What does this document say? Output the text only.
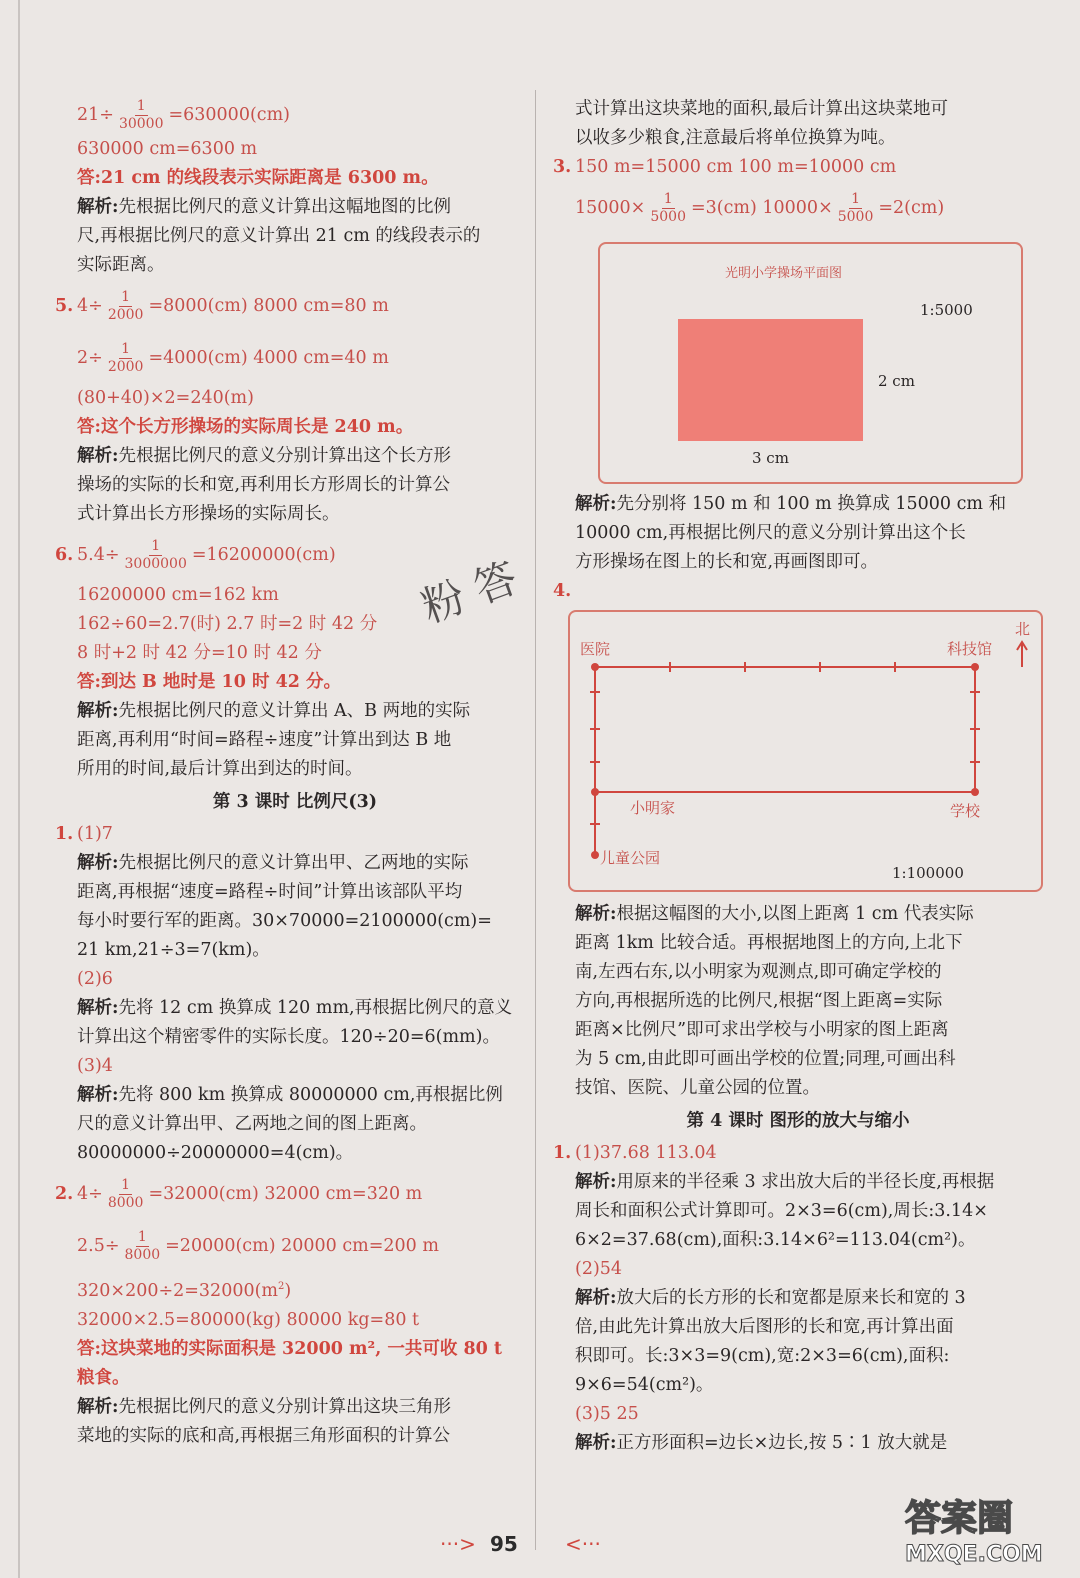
$21\div \frac{1}{30000} =630000(cm)$
630000 cm=6300 m
答:21 cm 的线段表示实际距离是 6300 m。
解析:先根据比例尺的意义计算出这幅地图的比例
尺,再根据比例尺的意义计算出 21 cm 的线段表示的
实际距离。
5. $4\div \frac{1}{2000} =8000(cm)$ 8000 cm=80 m
$2\div \frac{1}{2000} =4000(cm)$ 4000 cm=40 m
(80+40)×2=240(m)
答:这个长方形操场的实际周长是 240 m。
解析:先根据比例尺的意义分别计算出这个长方形
操场的实际的长和宽,再利用长方形周长的计算公
式计算出长方形操场的实际周长。
6. $5.4\div \frac{1}{3000000} =16200000(cm)$
16200000 cm=162 km
162÷60=2.7(时) 2.7 时=2 时 42 分
8 时+2 时 42 分=10 时 42 分
答:到达 B 地时是 10 时 42 分。
解析:先根据比例尺的意义计算出 A、B 两地的实际
距离,再利用“时间=路程÷速度”计算出到达 B 地
所用的时间,最后计算出到达的时间。
第 3 课时 比例尺(3)
1. (1)7
解析:先根据比例尺的意义计算出甲、乙两地的实际
距离,再根据“速度=路程÷时间”计算出该部队平均
每小时要行军的距离。30×70000=2100000(cm)=
21 km,21÷3=7(km)。
(2)6
解析:先将 12 cm 换算成 120 mm,再根据比例尺的意义
计算出这个精密零件的实际长度。120÷20=6(mm)。
(3)4
解析:先将 800 km 换算成 80000000 cm,再根据比例
尺的意义计算出甲、乙两地之间的图上距离。
80000000÷20000000=4(cm)。
2. $4\div \frac{1}{8000} =32000(cm)$ 32000 cm=320 m
$2.5\div \frac{1}{8000} =20000(cm)$ 20000 cm=200 m
$320\times 200\div 2=32000(m^2)$
32000×2.5=80000(kg) 80000 kg=80 t
答:这块菜地的实际面积是 32000 m², 一共可收 80 t
粮食。
解析:先根据比例尺的意义分别计算出这块三角形
菜地的实际的底和高,再根据三角形面积的计算公
式计算出这块菜地的面积,最后计算出这块菜地可
以收多少粮食,注意最后将单位换算为吨。
3. 150 m=15000 cm 100 m=10000 cm
$15000\times \frac{1}{5000} =3(cm)$ $10000\times \frac{1}{5000} =2(cm)$
光明小学操场平面图
1:5000
2 cm
3 cm
解析:先分别将 150 m 和 100 m 换算成 15000 cm 和
10000 cm,再根据比例尺的意义分别计算出这个长
方形操场在图上的长和宽,再画图即可。
4.
北
医院	科技馆
小明家	学校
儿童公园
1:100000
解析:根据这幅图的大小,以图上距离 1 cm 代表实际
距离 1km 比较合适。再根据地图上的方向,上北下
南,左西右东,以小明家为观测点,即可确定学校的
方向,再根据所选的比例尺,根据“图上距离=实际
距离×比例尺”即可求出学校与小明家的图上距离
为 5 cm,由此即可画出学校的位置;同理,可画出科
技馆、医院、儿童公园的位置。
第 4 课时 图形的放大与缩小
1. (1)37.68 113.04
解析:用原来的半径乘 3 求出放大后的半径长度,再根据
周长和面积公式计算即可。2×3=6(cm),周长:3.14×
6×2=37.68(cm),面积:3.14×6²=113.04(cm²)。
(2)54
解析:放大后的长方形的长和宽都是原来长和宽的 3
倍,由此先计算出放大后图形的长和宽,再计算出面
积即可。长:3×3=9(cm),宽:2×3=6(cm),面积:
9×6=54(cm²)。
(3)5 25
解析:正方形面积=边长×边长,按 5∶1 放大就是
粉 答
···> 95 <···
答案圈
MXQE.COM
